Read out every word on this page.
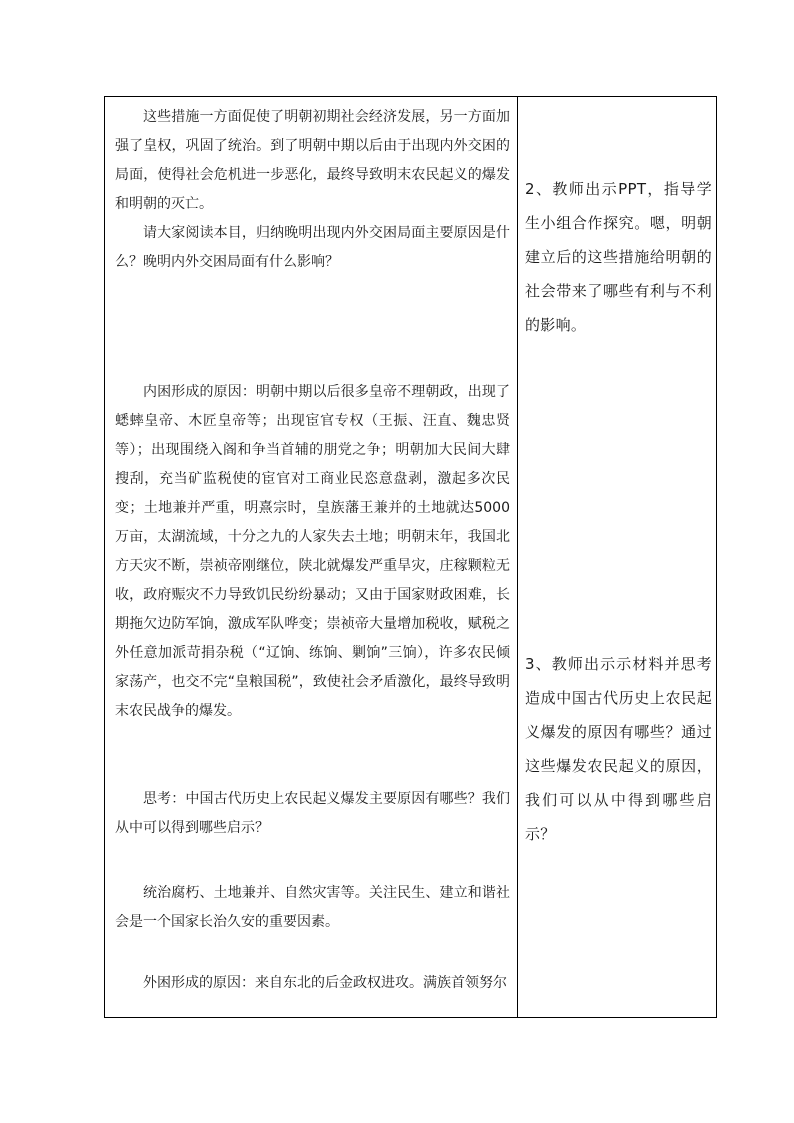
这些措施一方面促使了明朝初期社会经济发展，另一方面加强了皇权，巩固了统治。到了明朝中期以后由于出现内外交困的局面，使得社会危机进一步恶化，最终导致明末农民起义的爆发和明朝的灭亡。

请大家阅读本目，归纳晚明出现内外交困局面主要原因是什么？晚明内外交困局面有什么影响？

内困形成的原因：明朝中期以后很多皇帝不理朝政，出现了蟋蟀皇帝、木匠皇帝等；出现宦官专权（王振、汪直、魏忠贤等）；出现围绕入阁和争当首辅的朋党之争；明朝加大民间大肆搜刮，充当矿监税使的宦官对工商业民恣意盘剥，激起多次民变；土地兼并严重，明熹宗时，皇族藩王兼并的土地就达5000万亩，太湖流域，十分之九的人家失去土地；明朝末年，我国北方天灾不断，崇祯帝刚继位，陕北就爆发严重旱灾，庄稼颗粒无收，政府赈灾不力导致饥民纷纷暴动；又由于国家财政困难，长期拖欠边防军饷，激成军队哗变；崇祯帝大量增加税收，赋税之外任意加派苛捐杂税（“辽饷、练饷、剿饷”三饷），许多农民倾家荡产，也交不完“皇粮国税”，致使社会矛盾激化，最终导致明末农民战争的爆发。

思考：中国古代历史上农民起义爆发主要原因有哪些？我们从中可以得到哪些启示？

统治腐朽、土地兼并、自然灾害等。关注民生、建立和谐社会是一个国家长治久安的重要因素。

外困形成的原因：来自东北的后金政权进攻。满族首领努尔

2、教师出示PPT，指导学生小组合作探究。嗯，明朝建立后的这些措施给明朝的社会带来了哪些有利与不利的影响。

3、教师出示示材料并思考造成中国古代历史上农民起义爆发的原因有哪些？通过这些爆发农民起义的原因，我们可以从中得到哪些启示？
